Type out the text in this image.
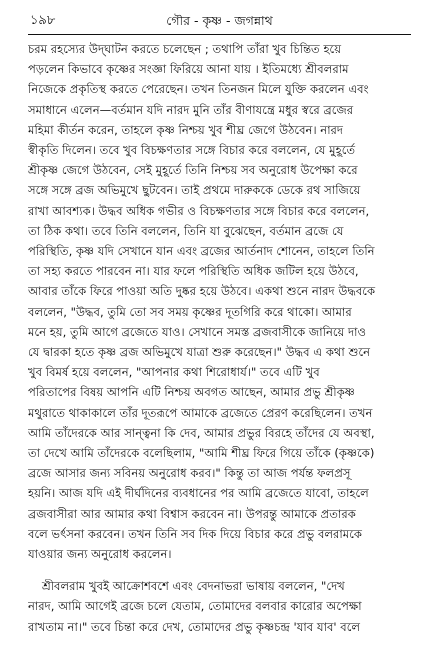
১৯৮	গৌর - কৃষ্ণ - জগন্নাথ
চরম রহস্যের উদ্‌ঘাটন করতে চলেছেন ; তথাপি তাঁরা খুব চিন্তিত হয়ে
পড়লেন কিভাবে কৃষ্ণের সংজ্ঞা ফিরিয়ে আনা যায় । ইতিমধ্যে শ্রীবলরাম
নিজেকে প্রকৃতিস্থ করতে পেরেছেন। তখন তিনজন মিলে যুক্তি করলেন এবং
সমাধানে এলেন—বর্তমান যদি নারদ মুনি তাঁর বীণাযন্ত্রে মধুর স্বরে ব্রজের
মহিমা কীর্তন করেন, তাহলে কৃষ্ণ নিশ্চয় খুব শীঘ্র জেগে উঠবেন। নারদ
স্বীকৃতি দিলেন। তবে খুব বিচক্ষণতার সঙ্গে বিচার করে বললেন, যে মুহূর্তে
শ্রীকৃষ্ণ জেগে উঠবেন, সেই মুহূর্তে তিনি নিশ্চয় সব অনুরোধ উপেক্ষা করে
সঙ্গে সঙ্গে ব্রজ অভিমুখে ছুটবেন। তাই প্রথমে দারুককে ডেকে রথ সাজিয়ে
রাখা আবশ্যক। উদ্ধব অধিক গভীর ও বিচক্ষণতার সঙ্গে বিচার করে বললেন,
তা ঠিক কথা। তবে তিনি বললেন, তিনি যা বুঝেছেন, বর্তমান ব্রজে যে
পরিস্থিতি, কৃষ্ণ যদি সেখানে যান এবং ব্রজের আর্তনাদ শোনেন, তাহলে তিনি
তা সহ্য করতে পারবেন না। যার ফলে পরিস্থিতি অধিক জটিল হয়ে উঠবে,
আবার তাঁকে ফিরে পাওয়া অতি দুষ্কর হয়ে উঠবে। একথা শুনে নারদ উদ্ধবকে
বললেন, "উদ্ধব, তুমি তো সব সময় কৃষ্ণের দূতগিরি করে থাকো। আমার
মনে হয়, তুমি আগে ব্রজেতে যাও। সেখানে সমস্ত ব্রজবাসীকে জানিয়ে দাও
যে দ্বারকা হতে কৃষ্ণ ব্রজ অভিমুখে যাত্রা শুরু করেছেন।" উদ্ধব এ কথা শুনে
খুব বিমর্ষ হয়ে বললেন, "আপনার কথা শিরোধার্য।" তবে এটি খুব
পরিতাপের বিষয় আপনি এটি নিশ্চয় অবগত আছেন, আমার প্রভু শ্রীকৃষ্ণ
মথুরাতে থাকাকালে তাঁর দূতরূপে আমাকে ব্রজেতে প্রেরণ করেছিলেন। তখন
আমি তাঁদেরকে আর সান্ত্বনা কি দেব, আমার প্রভুর বিরহে তাঁদের যে অবস্থা,
তা দেখে আমি তাঁদেরকে বলেছিলাম, "আমি শীঘ্র ফিরে গিয়ে তাঁকে (কৃষ্ণকে)
ব্রজে আসার জন্য সবিনয় অনুরোধ করব।" কিন্তু তা আজ পর্যন্ত ফলপ্রসূ
হয়নি। আজ যদি এই দীর্ঘদিনের ব্যবধানের পর আমি ব্রজেতে যাবো, তাহলে
ব্রজবাসীরা আর আমার কথা বিশ্বাস করবেন না। উপরন্তু আমাকে প্রতারক
বলে ভর্ৎসনা করবেন। তখন তিনি সব দিক দিয়ে বিচার করে প্রভু বলরামকে
যাওয়ার জন্য অনুরোধ করলেন।
শ্রীবলরাম খুবই আক্রোশবশে এবং বেদনাভরা ভাষায় বললেন, "দেখ
নারদ, আমি আগেই ব্রজে চলে যেতাম, তোমাদের বলবার কারোর অপেক্ষা
রাখতাম না।" তবে চিন্তা করে দেখ, তোমাদের প্রভু কৃষ্ণচন্দ্র 'যাব যাব' বলে
